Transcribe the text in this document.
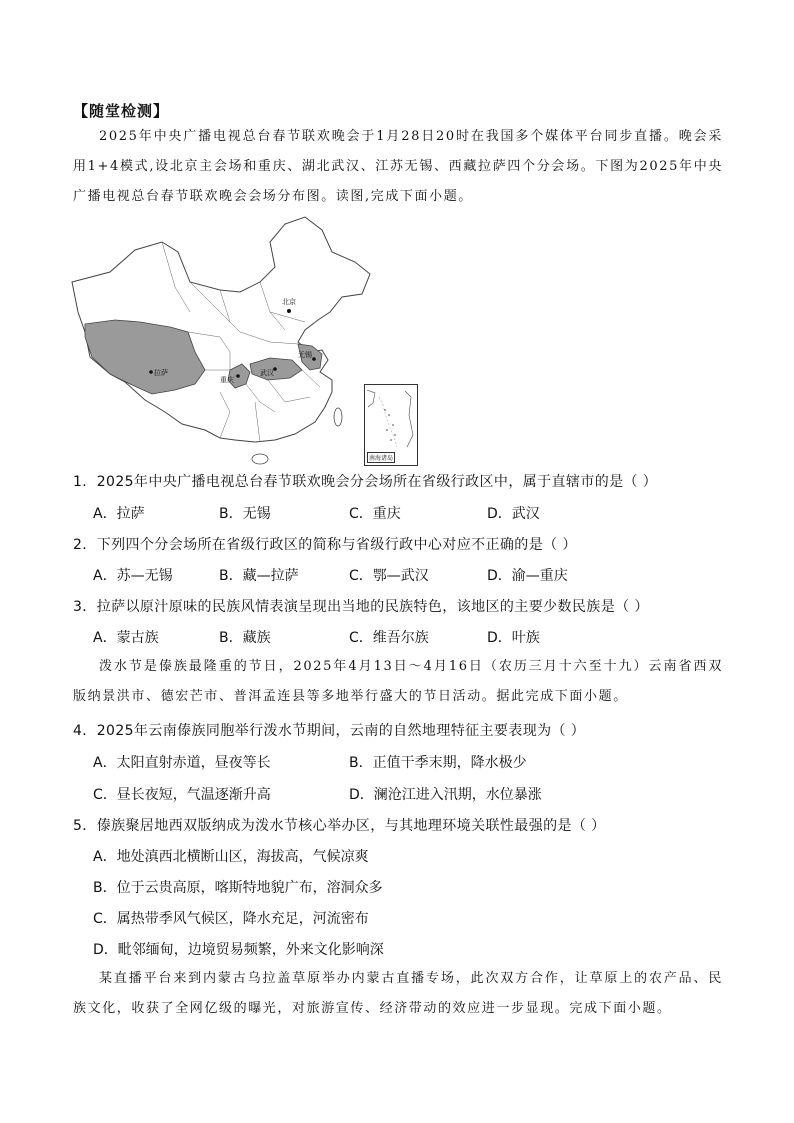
【随堂检测】
2025年中央广播电视总台春节联欢晚会于1月28日20时在我国多个媒体平台同步直播。晚会采用1+4模式,设北京主会场和重庆、湖北武汉、江苏无锡、西藏拉萨四个分会场。下图为2025年中央广播电视总台春节联欢晚会会场分布图。读图,完成下面小题。
北京
拉萨
重庆
武汉
无锡
南海诸岛
1．2025年中央广播电视总台春节联欢晚会分会场所在省级行政区中，属于直辖市的是（ ）
A．拉萨	B．无锡	C．重庆	D．武汉
2．下列四个分会场所在省级行政区的简称与省级行政中心对应不正确的是（ ）
A．苏—无锡	B．藏—拉萨	C．鄂—武汉	D．渝—重庆
3．拉萨以原汁原味的民族风情表演呈现出当地的民族特色，该地区的主要少数民族是（ ）
A．蒙古族	B．藏族	C．维吾尔族	D．叶族
泼水节是傣族最隆重的节日，2025年4月13日～4月16日（农历三月十六至十九）云南省西双版纳景洪市、德宏芒市、普洱孟连县等多地举行盛大的节日活动。据此完成下面小题。
4．2025年云南傣族同胞举行泼水节期间，云南的自然地理特征主要表现为（ ）
A．太阳直射赤道，昼夜等长	B．正值干季末期，降水极少
C．昼长夜短，气温逐渐升高	D．澜沧江进入汛期，水位暴涨
5．傣族聚居地西双版纳成为泼水节核心举办区，与其地理环境关联性最强的是（ ）
A．地处滇西北横断山区，海拔高，气候凉爽
B．位于云贵高原，喀斯特地貌广布，溶洞众多
C．属热带季风气候区，降水充足，河流密布
D．毗邻缅甸，边境贸易频繁，外来文化影响深
某直播平台来到内蒙古乌拉盖草原举办内蒙古直播专场，此次双方合作，让草原上的农产品、民族文化，收获了全网亿级的曝光，对旅游宣传、经济带动的效应进一步显现。完成下面小题。
